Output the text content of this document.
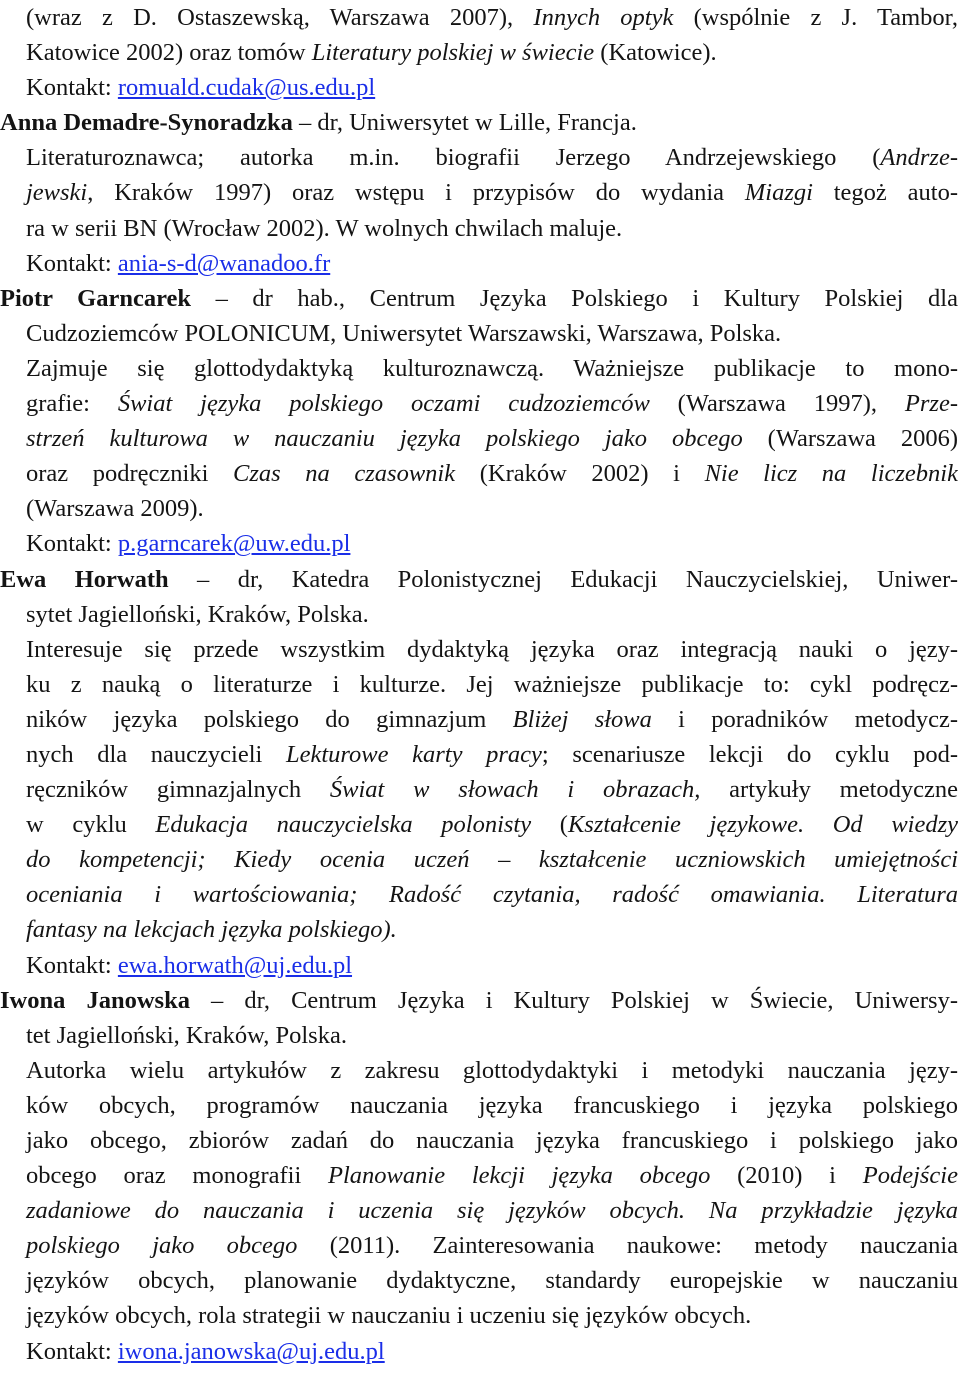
(wraz z D. Ostaszewską, Warszawa 2007), Innych optyk (wspólnie z J. Tambor,

Katowice 2002) oraz tomów Literatury polskiej w świecie (Katowice).

Kontakt: romuald.cudak@us.edu.pl

Anna Demadre-Synoradzka – dr, Uniwersytet w Lille, Francja.

Literaturoznawca; autorka m.in. biografii Jerzego Andrzejewskiego (Andrze-

jewski, Kraków 1997) oraz wstępu i przypisów do wydania Miazgi tegoż auto-

ra w serii BN (Wrocław 2002). W wolnych chwilach maluje.

Kontakt: ania-s-d@wanadoo.fr

Piotr Garncarek – dr hab., Centrum Języka Polskiego i Kultury Polskiej dla

Cudzoziemców POLONICUM, Uniwersytet Warszawski, Warszawa, Polska.

Zajmuje się glottodydaktyką kulturoznawczą. Ważniejsze publikacje to mono-

grafie: Świat języka polskiego oczami cudzoziemców (Warszawa 1997), Prze-

strzeń kulturowa w nauczaniu języka polskiego jako obcego (Warszawa 2006)

oraz podręczniki Czas na czasownik (Kraków 2002) i Nie licz na liczebnik

(Warszawa 2009).

Kontakt: p.garncarek@uw.edu.pl

Ewa Horwath – dr, Katedra Polonistycznej Edukacji Nauczycielskiej, Uniwer-

sytet Jagielloński, Kraków, Polska.

Interesuje się przede wszystkim dydaktyką języka oraz integracją nauki o języ-

ku z nauką o literaturze i kulturze. Jej ważniejsze publikacje to: cykl podręcz-

ników języka polskiego do gimnazjum Bliżej słowa i poradników metodycz-

nych dla nauczycieli Lekturowe karty pracy; scenariusze lekcji do cyklu pod-

ręczników gimnazjalnych Świat w słowach i obrazach, artykuły metodyczne

w cyklu Edukacja nauczycielska polonisty (Kształcenie językowe. Od wiedzy

do kompetencji; Kiedy ocenia uczeń – kształcenie uczniowskich umiejętności

oceniania i wartościowania; Radość czytania, radość omawiania. Literatura

fantasy na lekcjach języka polskiego).

Kontakt: ewa.horwath@uj.edu.pl

Iwona Janowska – dr, Centrum Języka i Kultury Polskiej w Świecie, Uniwersy-

tet Jagielloński, Kraków, Polska.

Autorka wielu artykułów z zakresu glottodydaktyki i metodyki nauczania języ-

ków obcych, programów nauczania języka francuskiego i języka polskiego

jako obcego, zbiorów zadań do nauczania języka francuskiego i polskiego jako

obcego oraz monografii Planowanie lekcji języka obcego (2010) i Podejście

zadaniowe do nauczania i uczenia się języków obcych. Na przykładzie języka

polskiego jako obcego (2011). Zainteresowania naukowe: metody nauczania

języków obcych, planowanie dydaktyczne, standardy europejskie w nauczaniu

języków obcych, rola strategii w nauczaniu i uczeniu się języków obcych.

Kontakt: iwona.janowska@uj.edu.pl
